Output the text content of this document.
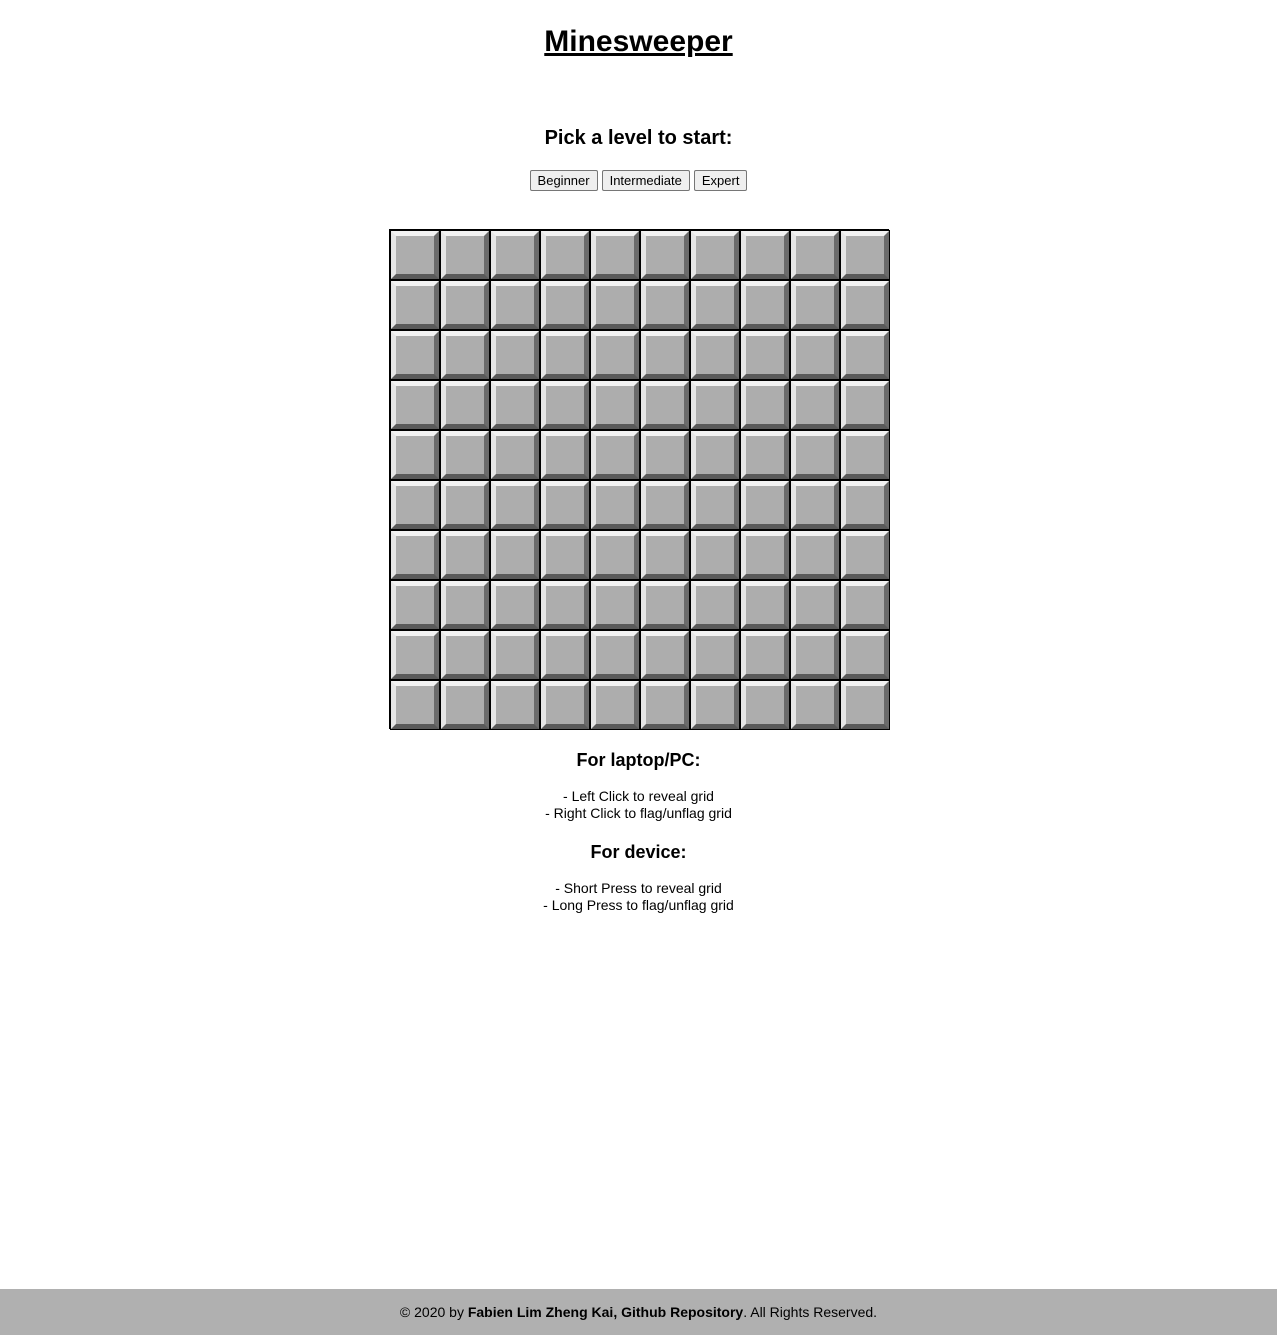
Minesweeper
Pick a level to start:
Beginner Intermediate Expert
For laptop/PC:

- Left Click to reveal grid

- Right Click to flag/unflag grid

For device:

- Short Press to reveal grid

- Long Press to flag/unflag grid

© 2020 by Fabien Lim Zheng Kai, Github Repository. All Rights Reserved.
